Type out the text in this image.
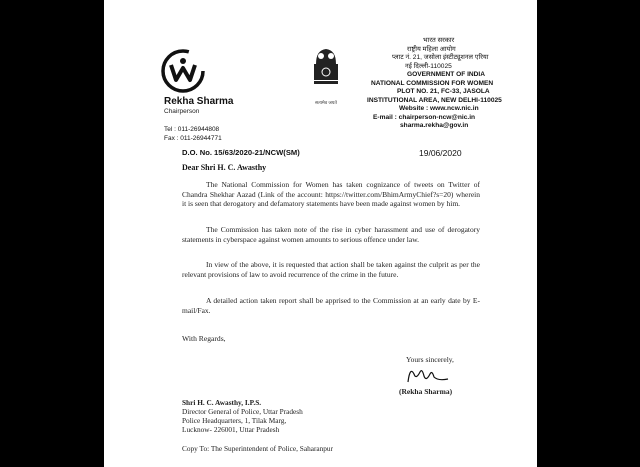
Rekha Sharma
Chairperson
Tel : 011-26944808
Fax : 011-26944771
सत्यमेव जयते
भारत सरकार
राष्ट्रीय महिला आयोग
प्लाट नं. 21, जसोला इंस्टीट्यूशनल एरिया
नई दिल्ली-110025
GOVERNMENT OF INDIA
NATIONAL COMMISSION FOR WOMEN
PLOT NO. 21, FC-33, JASOLA
INSTITUTIONAL AREA, NEW DELHI-110025
Website : www.ncw.nic.in
E-mail : chairperson-ncw@nic.in
sharma.rekha@gov.in
D.O. No. 15/63/2020-21/NCW(SM)	19/06/2020
Dear Shri H. C. Awasthy
The National Commission for Women has taken cognizance of tweets on Twitter of Chandra Shekhar Aazad (Link of the account: https://twitter.com/BhimArmyChief?s=20) wherein it is seen that derogatory and defamatory statements have been made against women by him.
The Commission has taken note of the rise in cyber harassment and use of derogatory statements in cyberspace against women amounts to serious offence under law.
In view of the above, it is requested that action shall be taken against the culprit as per the relevant provisions of law to avoid recurrence of the crime in the future.
A detailed action taken report shall be apprised to the Commission at an early date by E-mail/Fax.
With Regards,
Yours sincerely,
(Rekha Sharma)
Shri H. C. Awasthy, I.P.S.
Director General of Police, Uttar Pradesh
Police Headquarters, 1, Tilak Marg,
Lucknow- 226001, Uttar Pradesh
Copy To: The Superintendent of Police, Saharanpur
